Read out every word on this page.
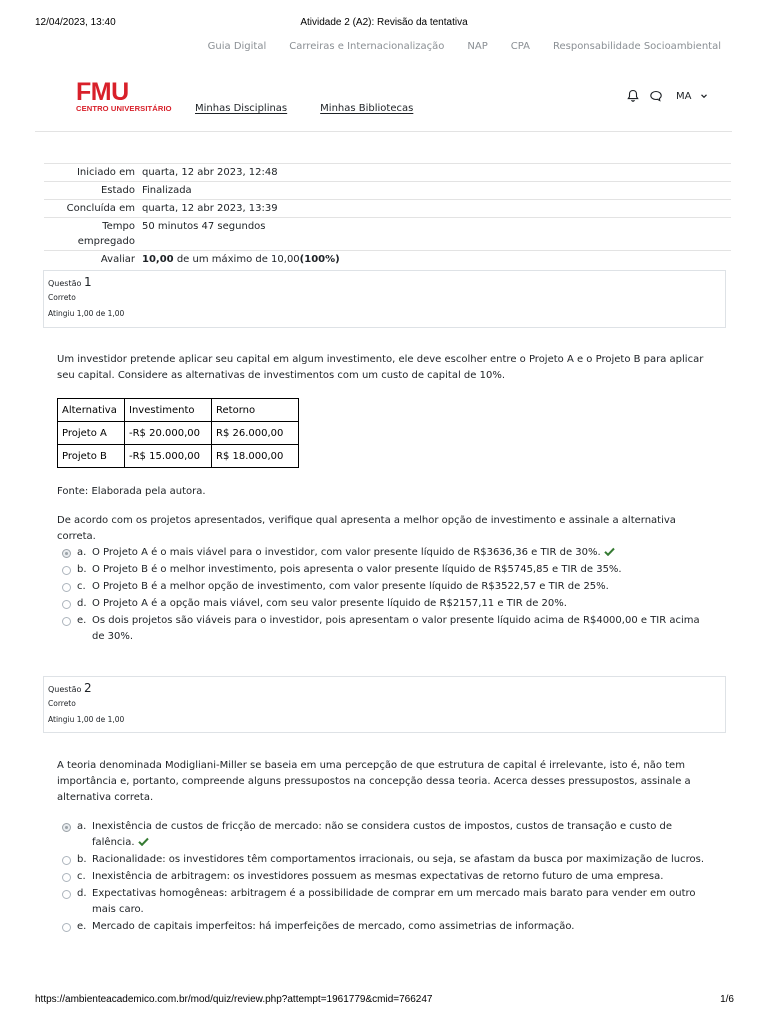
12/04/2023, 13:40	Atividade 2 (A2): Revisão da tentativa
Guia Digital Carreiras e Internacionalização NAP CPA Responsabilidade Socioambiental
FMU
CENTRO UNIVERSITÁRIO Minhas Disciplinas	Minhas Bibliotecas
MA
Iniciado em quarta, 12 abr 2023, 12:48
Estado Finalizada
Concluída em quarta, 12 abr 2023, 13:39
Tempo empregado
50 minutos 47 segundos
Avaliar 10,00 de um máximo de 10,00(100%)
Questão 1
Correto
Atingiu 1,00 de 1,00
Um investidor pretende aplicar seu capital em algum investimento, ele deve escolher entre o Projeto A e o Projeto B para aplicar seu capital. Considere as alternativas de investimentos com um custo de capital de 10%.
Alternativa	Investimento	Retorno
Projeto A	-R$ 20.000,00	R$ 26.000,00
Projeto B	-R$ 15.000,00	R$ 18.000,00
Fonte: Elaborada pela autora.
De acordo com os projetos apresentados, verifique qual apresenta a melhor opção de investimento e assinale a alternativa correta.
a. O Projeto A é o mais viável para o investidor, com valor presente líquido de R$3636,36 e TIR de 30%.
b. O Projeto B é o melhor investimento, pois apresenta o valor presente líquido de R$5745,85 e TIR de 35%.
c. O Projeto B é a melhor opção de investimento, com valor presente líquido de R$3522,57 e TIR de 25%.
d. O Projeto A é a opção mais viável, com seu valor presente líquido de R$2157,11 e TIR de 20%.
e. Os dois projetos são viáveis para o investidor, pois apresentam o valor presente líquido acima de R$4000,00 e TIR acima de 30%.
Questão 2
Correto
Atingiu 1,00 de 1,00
A teoria denominada Modigliani-Miller se baseia em uma percepção de que estrutura de capital é irrelevante, isto é, não tem importância e, portanto, compreende alguns pressupostos na concepção dessa teoria. Acerca desses pressupostos, assinale a alternativa correta.
a. Inexistência de custos de fricção de mercado: não se considera custos de impostos, custos de transação e custo de falência.
b. Racionalidade: os investidores têm comportamentos irracionais, ou seja, se afastam da busca por maximização de lucros.
c. Inexistência de arbitragem: os investidores possuem as mesmas expectativas de retorno futuro de uma empresa.
d. Expectativas homogêneas: arbitragem é a possibilidade de comprar em um mercado mais barato para vender em outro mais caro.
e. Mercado de capitais imperfeitos: há imperfeições de mercado, como assimetrias de informação.
https://ambienteacademico.com.br/mod/quiz/review.php?attempt=1961779&cmid=766247	1/6
